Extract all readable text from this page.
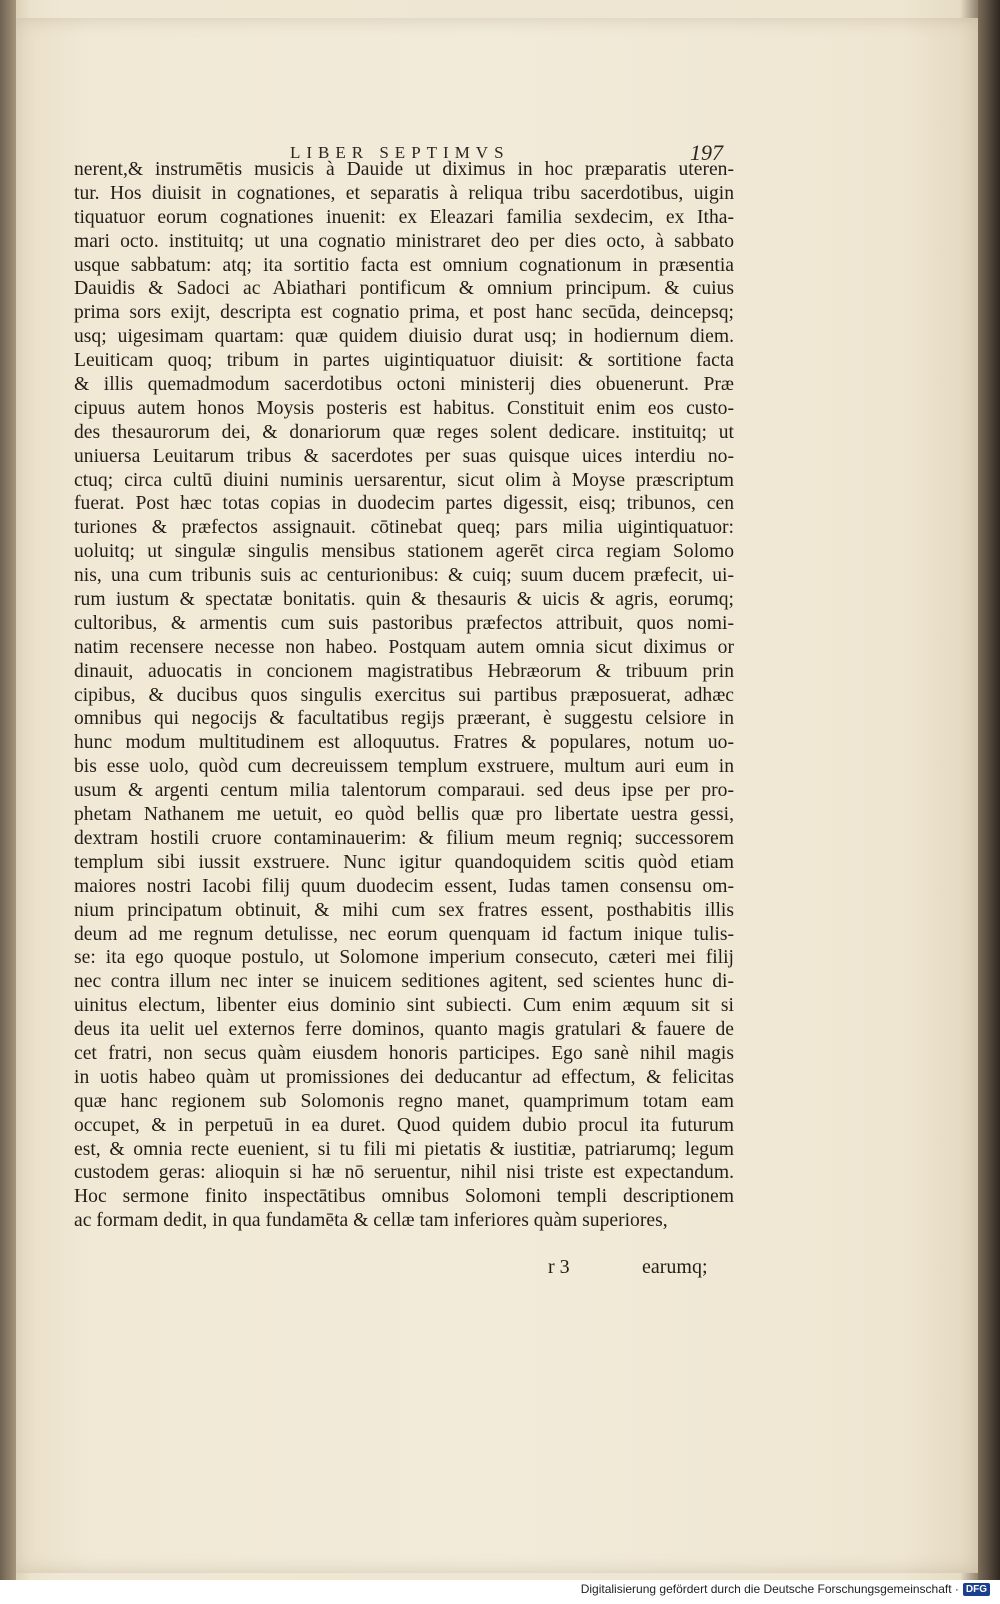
LIBER SEPTIMVS	197
nerent,& instrumētis musicis à Dauide ut diximus in hoc præparatis uteren-
tur. Hos diuisit in cognationes, et separatis à reliqua tribu sacerdotibus, uigin
tiquatuor eorum cognationes inuenit: ex Eleazari familia sexdecim, ex Itha-
mari octo. instituitq; ut una cognatio ministraret deo per dies octo, à sabbato
usque sabbatum: atq; ita sortitio facta est omnium cognationum in præsentia
Dauidis & Sadoci ac Abiathari pontificum & omnium principum. & cuius
prima sors exijt, descripta est cognatio prima, et post hanc secūda, deincepsq;
usq; uigesimam quartam: quæ quidem diuisio durat usq; in hodiernum diem.
Leuiticam quoq; tribum in partes uigintiquatuor diuisit: & sortitione facta
& illis quemadmodum sacerdotibus octoni ministerij dies obuenerunt. Præ
cipuus autem honos Moysis posteris est habitus. Constituit enim eos custo-
des thesaurorum dei, & donariorum quæ reges solent dedicare. instituitq; ut
uniuersa Leuitarum tribus & sacerdotes per suas quisque uices interdiu no-
ctuq; circa cultū diuini numinis uersarentur, sicut olim à Moyse præscriptum
fuerat. Post hæc totas copias in duodecim partes digessit, eisq; tribunos, cen
turiones & præfectos assignauit. cōtinebat queq; pars milia uigintiquatuor:
uoluitq; ut singulæ singulis mensibus stationem agerēt circa regiam Solomo
nis, una cum tribunis suis ac centurionibus: & cuiq; suum ducem præfecit, ui-
rum iustum & spectatæ bonitatis. quin & thesauris & uicis & agris, eorumq;
cultoribus, & armentis cum suis pastoribus præfectos attribuit, quos nomi-
natim recensere necesse non habeo. Postquam autem omnia sicut diximus or
dinauit, aduocatis in concionem magistratibus Hebræorum & tribuum prin
cipibus, & ducibus quos singulis exercitus sui partibus præposuerat, adhæc
omnibus qui negocijs & facultatibus regijs præerant, è suggestu celsiore in
hunc modum multitudinem est alloquutus. Fratres & populares, notum uo-
bis esse uolo, quòd cum decreuissem templum exstruere, multum auri eum in
usum & argenti centum milia talentorum comparaui. sed deus ipse per pro-
phetam Nathanem me uetuit, eo quòd bellis quæ pro libertate uestra gessi,
dextram hostili cruore contaminauerim: & filium meum regniq; successorem
templum sibi iussit exstruere. Nunc igitur quandoquidem scitis quòd etiam
maiores nostri Iacobi filij quum duodecim essent, Iudas tamen consensu om-
nium principatum obtinuit, & mihi cum sex fratres essent, posthabitis illis
deum ad me regnum detulisse, nec eorum quenquam id factum inique tulis-
se: ita ego quoque postulo, ut Solomone imperium consecuto, cæteri mei filij
nec contra illum nec inter se inuicem seditiones agitent, sed scientes hunc di-
uinitus electum, libenter eius dominio sint subiecti. Cum enim æquum sit si
deus ita uelit uel externos ferre dominos, quanto magis gratulari & fauere de
cet fratri, non secus quàm eiusdem honoris participes. Ego sanè nihil magis
in uotis habeo quàm ut promissiones dei deducantur ad effectum, & felicitas
quæ hanc regionem sub Solomonis regno manet, quamprimum totam eam
occupet, & in perpetuū in ea duret. Quod quidem dubio procul ita futurum
est, & omnia recte euenient, si tu fili mi pietatis & iustitiæ, patriarumq; legum
custodem geras: alioquin si hæ nō seruentur, nihil nisi triste est expectandum.
Hoc sermone finito inspectātibus omnibus Solomoni templi descriptionem
ac formam dedit, in qua fundamēta & cellæ tam inferiores quàm superiores,
r 3	earumq;
Digitalisierung gefördert durch die Deutsche Forschungsgemeinschaft · DFG
